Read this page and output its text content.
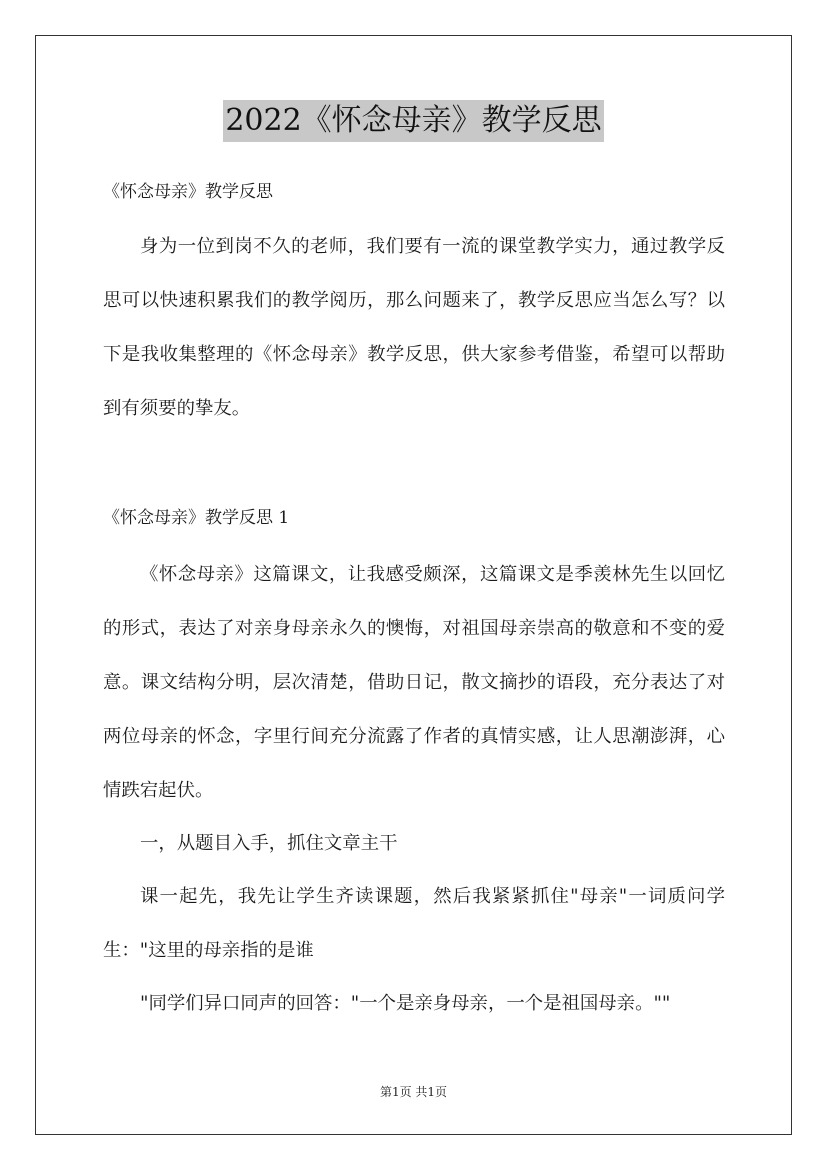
2022《怀念母亲》教学反思
《怀念母亲》教学反思

身为一位到岗不久的老师，我们要有一流的课堂教学实力，通过教学反思可以快速积累我们的教学阅历，那么问题来了，教学反思应当怎么写？以下是我收集整理的《怀念母亲》教学反思，供大家参考借鉴，希望可以帮助到有须要的挚友。

《怀念母亲》教学反思 1

《怀念母亲》这篇课文，让我感受颇深，这篇课文是季羡林先生以回忆的形式，表达了对亲身母亲永久的懊悔，对祖国母亲崇高的敬意和不变的爱意。课文结构分明，层次清楚，借助日记，散文摘抄的语段，充分表达了对两位母亲的怀念，字里行间充分流露了作者的真情实感，让人思潮澎湃，心情跌宕起伏。

一，从题目入手，抓住文章主干

课一起先，我先让学生齐读课题，然后我紧紧抓住"母亲"一词质问学生："这里的母亲指的是谁

"同学们异口同声的回答："一个是亲身母亲，一个是祖国母亲。""
第1页 共1页
